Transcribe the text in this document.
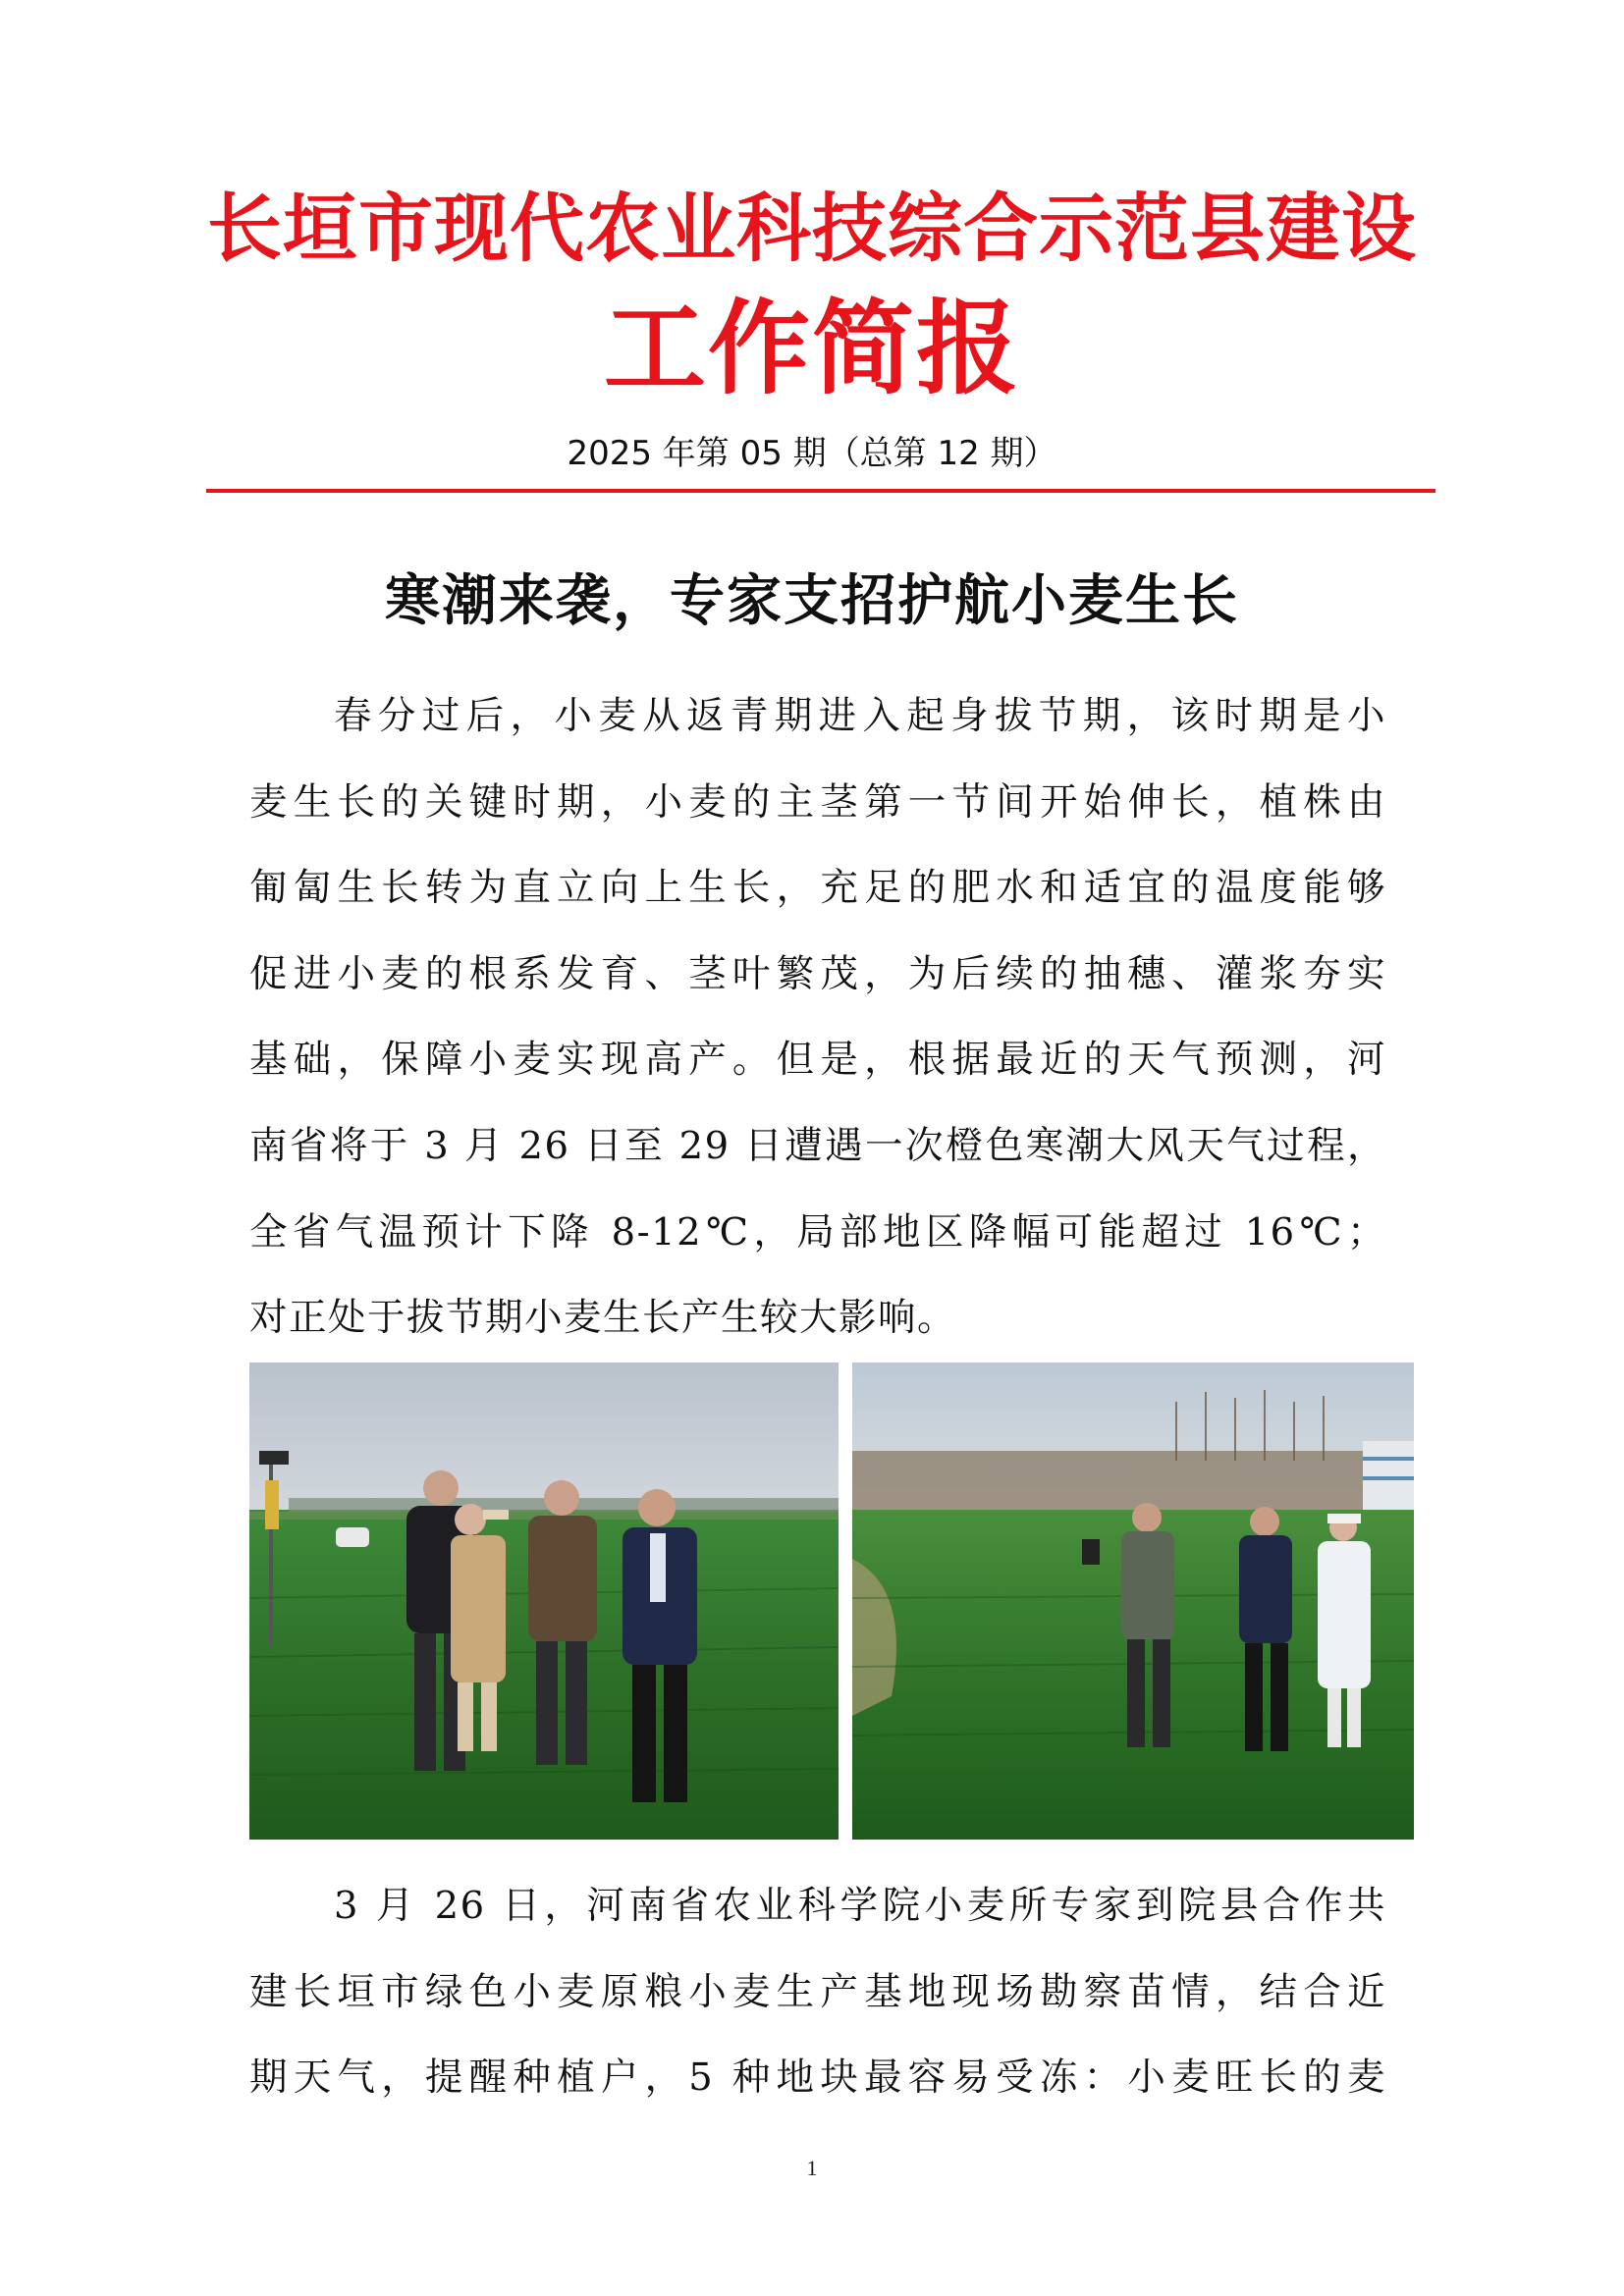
长垣市现代农业科技综合示范县建设
工作简报
2025 年第 05 期（总第 12 期）
寒潮来袭，专家支招护航小麦生长
春分过后，小麦从返青期进入起身拔节期，该时期是小
麦生长的关键时期，小麦的主茎第一节间开始伸长，植株由
匍匐生长转为直立向上生长，充足的肥水和适宜的温度能够
促进小麦的根系发育、茎叶繁茂，为后续的抽穗、灌浆夯实
基础，保障小麦实现高产。但是，根据最近的天气预测，河
南省将于 3 月 26 日至 29 日遭遇一次橙色寒潮大风天气过程，
全省气温预计下降 8-12℃，局部地区降幅可能超过 16℃；
对正处于拔节期小麦生长产生较大影响。
3 月 26 日，河南省农业科学院小麦所专家到院县合作共
建长垣市绿色小麦原粮小麦生产基地现场勘察苗情，结合近
期天气，提醒种植户，5 种地块最容易受冻：小麦旺长的麦
1
